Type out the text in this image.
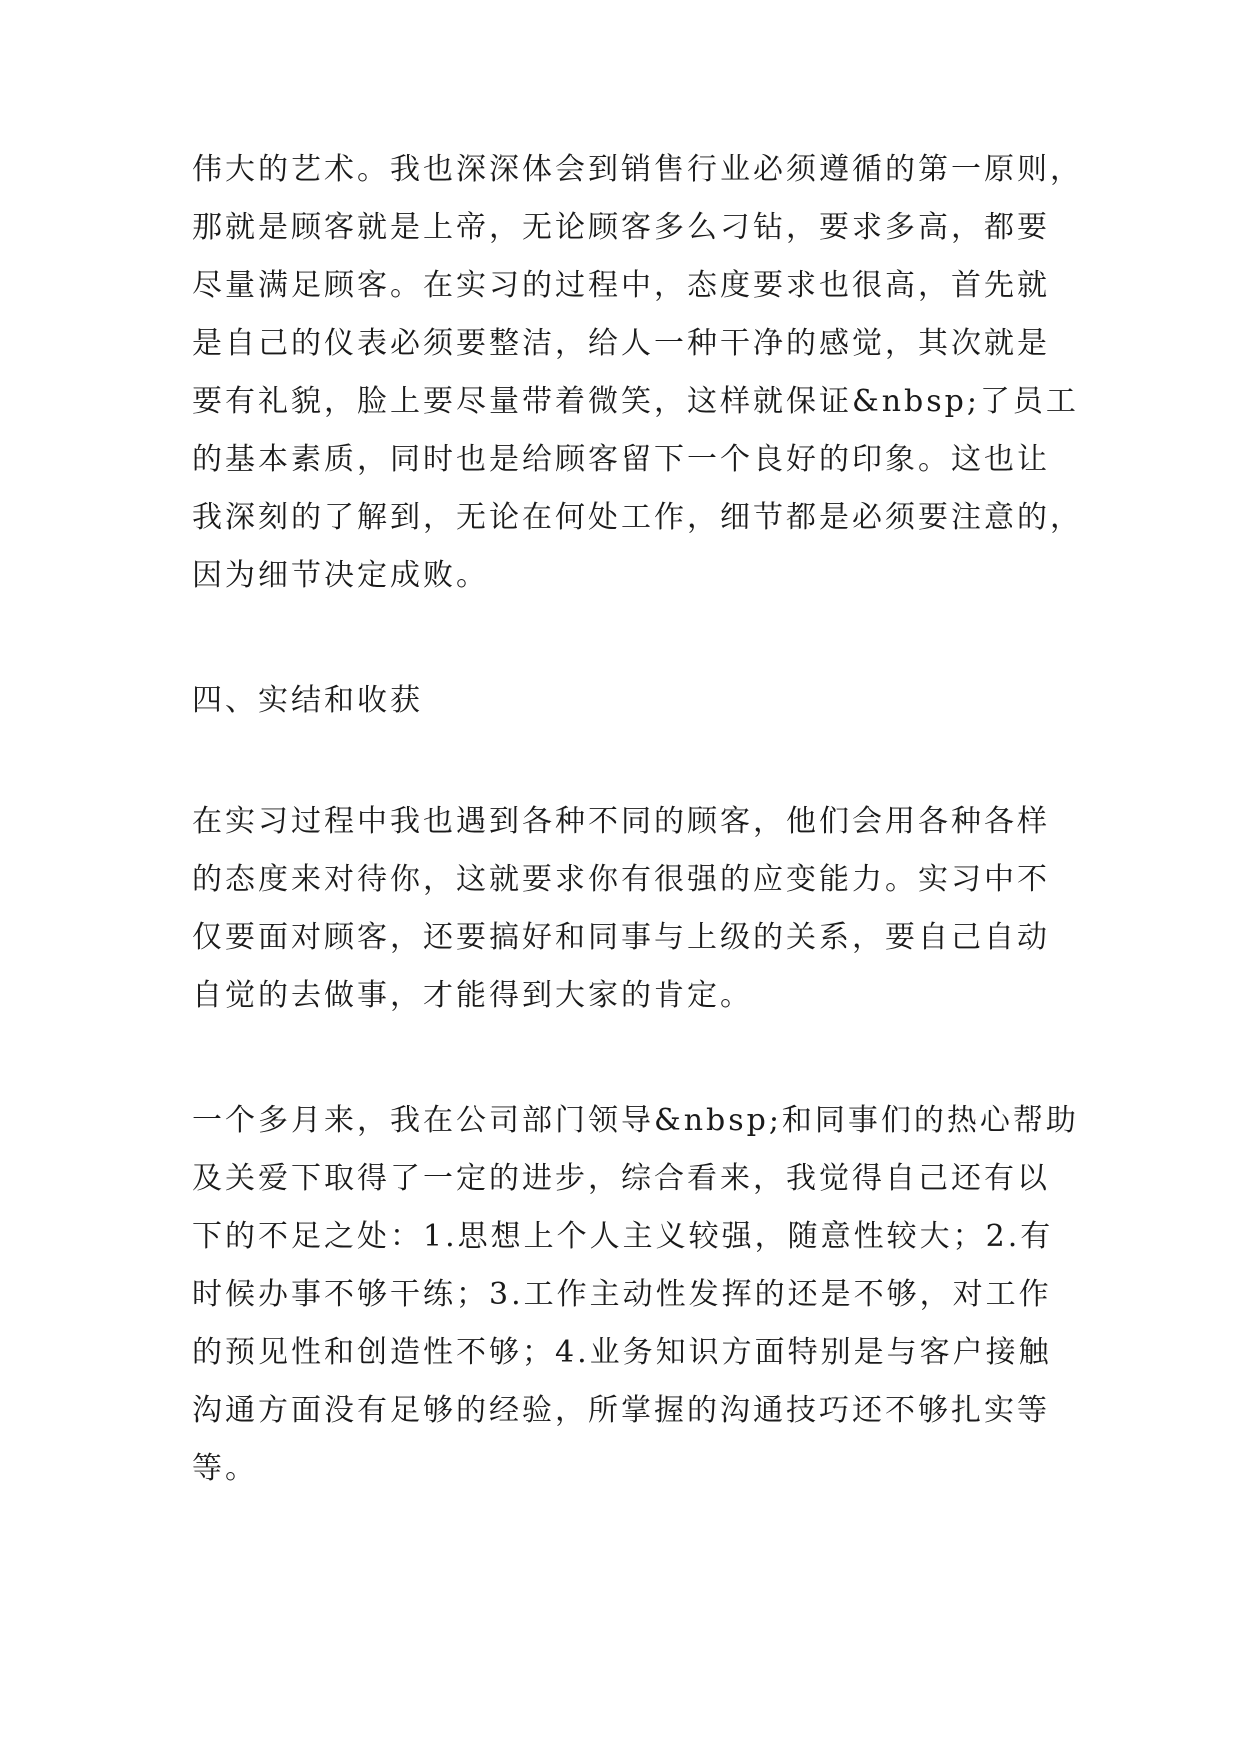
伟大的艺术。我也深深体会到销售行业必须遵循的第一原则，
那就是顾客就是上帝，无论顾客多么刁钻，要求多高，都要
尽量满足顾客。在实习的过程中，态度要求也很高，首先就
是自己的仪表必须要整洁，给人一种干净的感觉，其次就是
要有礼貌，脸上要尽量带着微笑，这样就保证&nbsp;了员工
的基本素质，同时也是给顾客留下一个良好的印象。这也让
我深刻的了解到，无论在何处工作，细节都是必须要注意的，
因为细节决定成败。
四、实结和收获
在实习过程中我也遇到各种不同的顾客，他们会用各种各样
的态度来对待你，这就要求你有很强的应变能力。实习中不
仅要面对顾客，还要搞好和同事与上级的关系，要自己自动
自觉的去做事，才能得到大家的肯定。
一个多月来，我在公司部门领导&nbsp;和同事们的热心帮助
及关爱下取得了一定的进步，综合看来，我觉得自己还有以
下的不足之处：1.思想上个人主义较强，随意性较大；2.有
时候办事不够干练；3.工作主动性发挥的还是不够，对工作
的预见性和创造性不够；4.业务知识方面特别是与客户接触
沟通方面没有足够的经验，所掌握的沟通技巧还不够扎实等
等。
